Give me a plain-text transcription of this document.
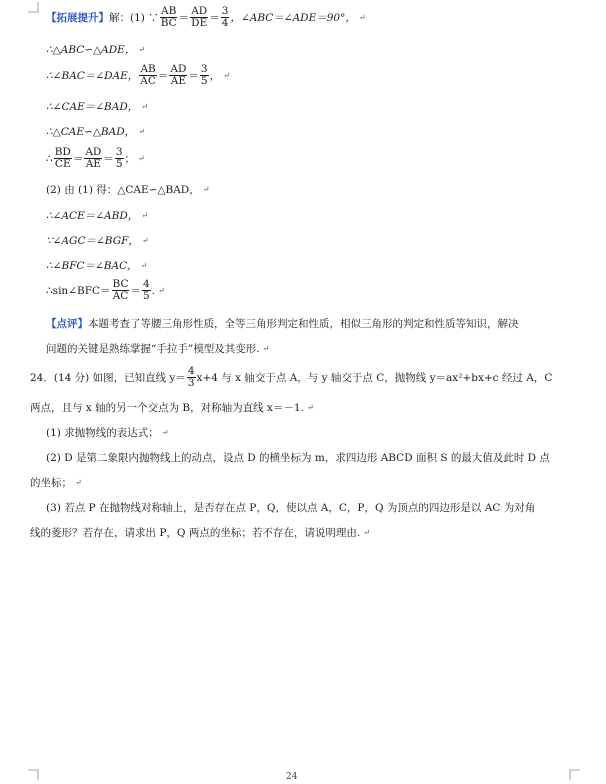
【拓展提升】 解：(1) ∵ $\frac{AB}{BC} = \frac{AD}{DE} = \frac{3}{4}$ ，∠ABC＝∠ADE＝90°， ↵
∴△ABC∽△ADE， ↵
∴∠BAC＝∠DAE， $\frac{AB}{AC} = \frac{AD}{AE} = \frac{3}{5}$ ， ↵
∴∠CAE＝∠BAD， ↵
∴△CAE∽△BAD， ↵
∴ $\frac{BD}{CE} = \frac{AD}{AE} = \frac{3}{5}$ ； ↵
(2) 由 (1) 得：△CAE∽△BAD， ↵
∴∠ACE＝∠ABD， ↵
∵∠AGC＝∠BGF， ↵
∴∠BFC＝∠BAC， ↵
∴sin∠BFC＝ $\frac{BC}{AC} = \frac{4}{5}$ . ↵
【点评】 本题考查了等腰三角形性质，全等三角形判定和性质，相似三角形的判定和性质等知识，解决
问题的关键是熟练掌握“手拉手”模型及其变形. ↵
24．(14 分) 如图，已知直线 $y= \frac{4}{3} x+4$ 与 x 轴交于点 A，与 y 轴交于点 C，抛物线 y＝ax²+bx+c 经过 A，C
两点，且与 x 轴的另一个交点为 B，对称轴为直线 x＝－1. ↵
(1) 求抛物线的表达式； ↵
(2) D 是第二象限内抛物线上的动点，设点 D 的横坐标为 m，求四边形 ABCD 面积 S 的最大值及此时 D 点
的坐标； ↵
(3) 若点 P 在抛物线对称轴上，是否存在点 P，Q，使以点 A，C，P，Q 为顶点的四边形是以 AC 为对角
线的菱形？若存在，请求出 P，Q 两点的坐标；若不存在，请说明理由. ↵
24
